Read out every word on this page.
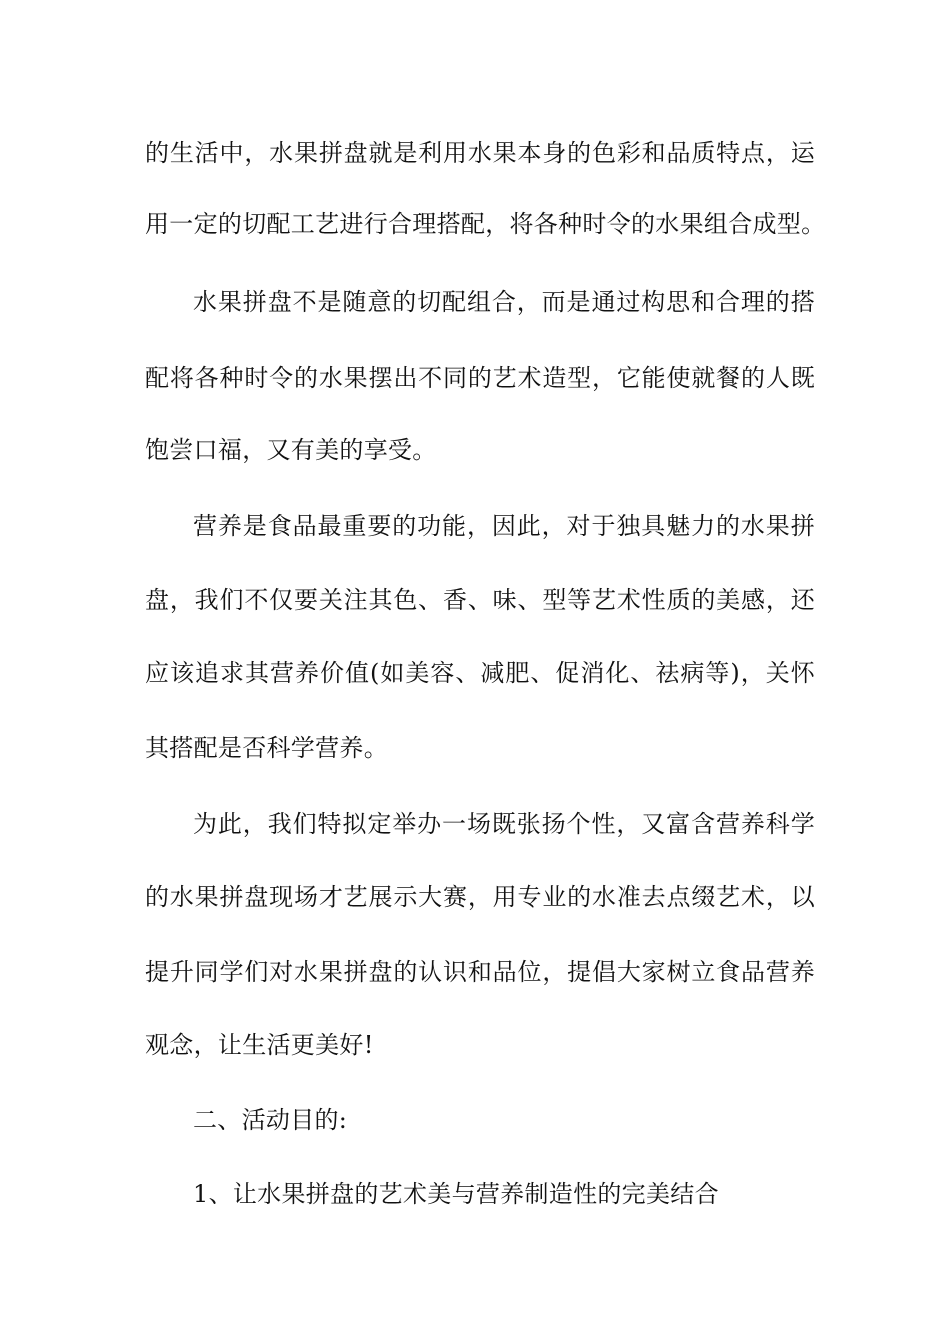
的生活中，水果拼盘就是利用水果本身的色彩和品质特点，运
用一定的切配工艺进行合理搭配，将各种时令的水果组合成型。
水果拼盘不是随意的切配组合，而是通过构思和合理的搭
配将各种时令的水果摆出不同的艺术造型，它能使就餐的人既
饱尝口福，又有美的享受。
营养是食品最重要的功能，因此，对于独具魅力的水果拼
盘，我们不仅要关注其色、香、味、型等艺术性质的美感，还
应该追求其营养价值(如美容、减肥、促消化、祛病等)，关怀
其搭配是否科学营养。
为此，我们特拟定举办一场既张扬个性，又富含营养科学
的水果拼盘现场才艺展示大赛，用专业的水准去点缀艺术，以
提升同学们对水果拼盘的认识和品位，提倡大家树立食品营养
观念，让生活更美好!
二、活动目的:
1、让水果拼盘的艺术美与营养制造性的完美结合
